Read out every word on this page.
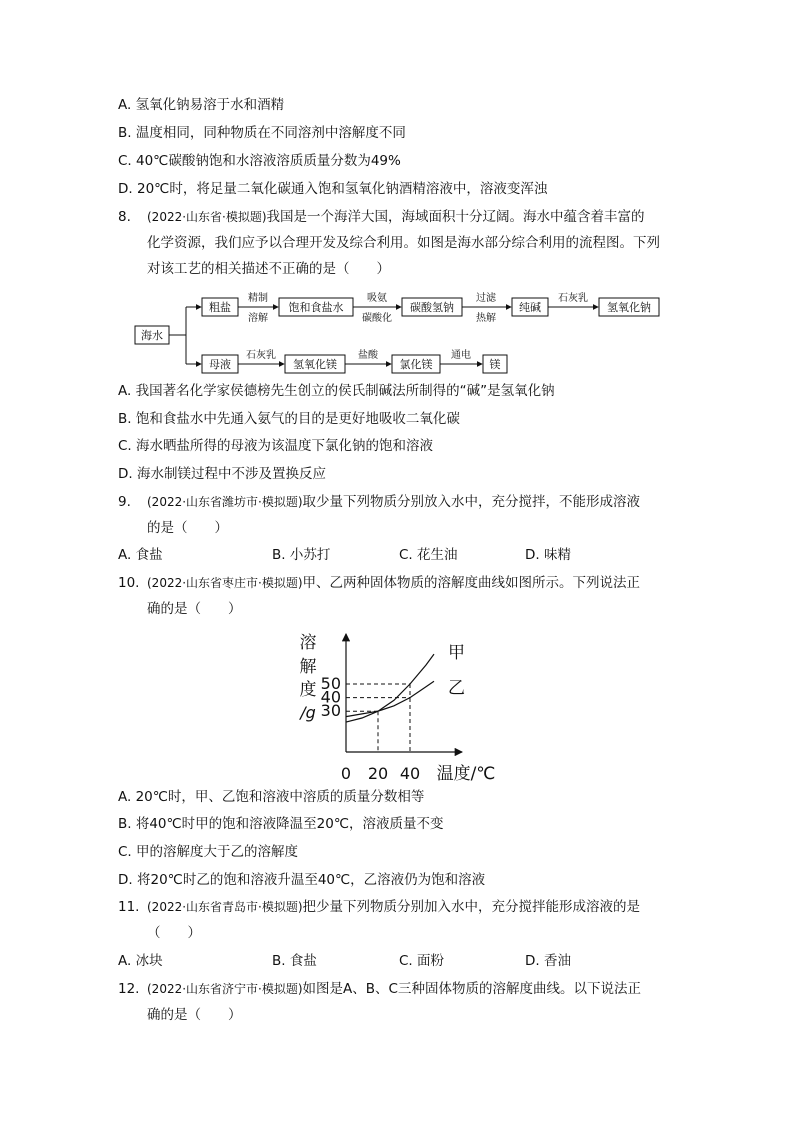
A. 氢氧化钠易溶于水和酒精
B. 温度相同，同种物质在不同溶剂中溶解度不同
C. 40℃碳酸钠饱和水溶液溶质质量分数为49%
D. 20℃时，将足量二氧化碳通入饱和氢氧化钠酒精溶液中，溶液变浑浊
8. (2022·山东省·模拟题)我国是一个海洋大国，海域面积十分辽阔。海水中蕴含着丰富的
化学资源，我们应予以合理开发及综合利用。如图是海水部分综合利用的流程图。下列
对该工艺的相关描述不正确的是（　　）
海水
粗盐
精制
溶解
饱和食盐水
吸氨
碳酸化
碳酸氢钠
过滤
热解
纯碱
石灰乳
氢氧化钠
母液
石灰乳
氢氧化镁
盐酸
氯化镁
通电
镁
A. 我国著名化学家侯德榜先生创立的侯氏制碱法所制得的“碱”是氢氧化钠
B. 饱和食盐水中先通入氨气的目的是更好地吸收二氧化碳
C. 海水晒盐所得的母液为该温度下氯化钠的饱和溶液
D. 海水制镁过程中不涉及置换反应
9. (2022·山东省潍坊市·模拟题)取少量下列物质分别放入水中，充分搅拌，不能形成溶液
的是（　　）
A. 食盐	B. 小苏打	C. 花生油	D. 味精
10. (2022·山东省枣庄市·模拟题)甲、乙两种固体物质的溶解度曲线如图所示。下列说法正
确的是（　　）
溶
解
度
/g
0 20 40
30
40
50
甲
乙
温度/℃
A. 20℃时，甲、乙饱和溶液中溶质的质量分数相等
B. 将40℃时甲的饱和溶液降温至20℃，溶液质量不变
C. 甲的溶解度大于乙的溶解度
D. 将20℃时乙的饱和溶液升温至40℃，乙溶液仍为饱和溶液
11. (2022·山东省青岛市·模拟题)把少量下列物质分别加入水中，充分搅拌能形成溶液的是
（　　）
A. 冰块	B. 食盐	C. 面粉	D. 香油
12. (2022·山东省济宁市·模拟题)如图是A、B、C三种固体物质的溶解度曲线。以下说法正
确的是（　　）
